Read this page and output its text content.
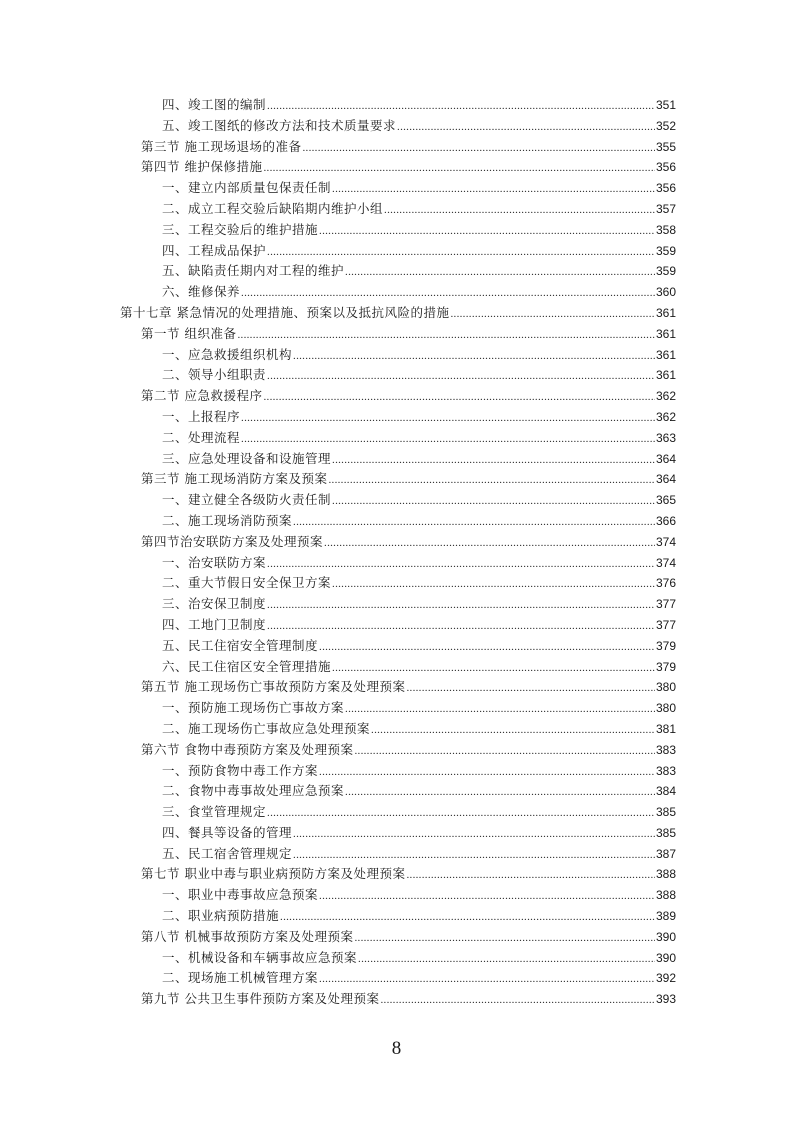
四、竣工图的编制 .....	351
五、竣工图纸的修改方法和技术质量要求 .....	352
第三节 施工现场退场的准备 .....	355
第四节 维护保修措施 .....	356
一、建立内部质量包保责任制 .....	356
二、成立工程交验后缺陷期内维护小组 .....	357
三、工程交验后的维护措施 .....	358
四、工程成品保护 .....	359
五、缺陷责任期内对工程的维护 .....	359
六、维修保养 .....	360
第十七章 紧急情况的处理措施、预案以及抵抗风险的措施 .....	361
第一节 组织准备 .....	361
一、应急救援组织机构 .....	361
二、领导小组职责 .....	361
第二节 应急救援程序 .....	362
一、上报程序 .....	362
二、处理流程 .....	363
三、应急处理设备和设施管理 .....	364
第三节 施工现场消防方案及预案 .....	364
一、建立健全各级防火责任制 .....	365
二、施工现场消防预案 .....	366
第四节治安联防方案及处理预案 .....	374
一、治安联防方案 .....	374
二、重大节假日安全保卫方案 .....	376
三、治安保卫制度 .....	377
四、工地门卫制度 .....	377
五、民工住宿安全管理制度 .....	379
六、民工住宿区安全管理措施 .....	379
第五节 施工现场伤亡事故预防方案及处理预案 .....	380
一、预防施工现场伤亡事故方案 .....	380
二、施工现场伤亡事故应急处理预案 .....	381
第六节 食物中毒预防方案及处理预案 .....	383
一、预防食物中毒工作方案 .....	383
二、食物中毒事故处理应急预案 .....	384
三、食堂管理规定 .....	385
四、餐具等设备的管理 .....	385
五、民工宿舍管理规定 .....	387
第七节 职业中毒与职业病预防方案及处理预案 .....	388
一、职业中毒事故应急预案 .....	388
二、职业病预防措施 .....	389
第八节 机械事故预防方案及处理预案 .....	390
一、机械设备和车辆事故应急预案 .....	390
二、现场施工机械管理方案 .....	392
第九节 公共卫生事件预防方案及处理预案 .....	393
8
